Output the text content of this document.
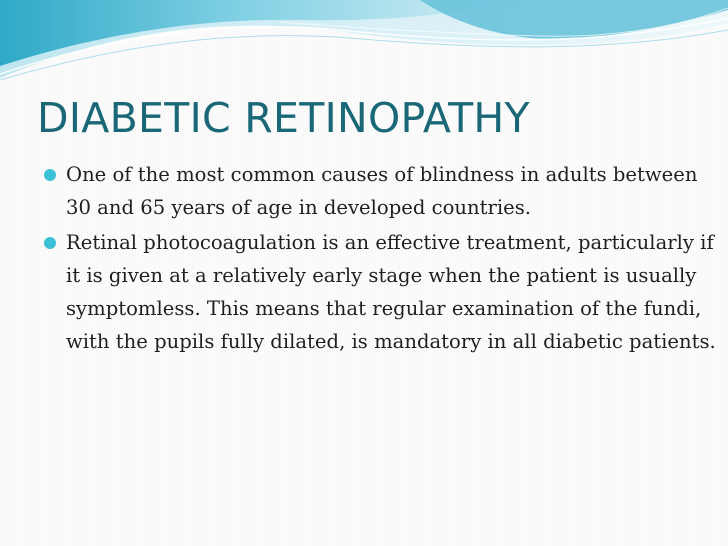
DIABETIC RETINOPATHY
One of the most common causes of blindness in adults between 30 and 65 years of age in developed countries.
Retinal photocoagulation is an effective treatment, particularly if it is given at a relatively early stage when the patient is usually symptomless. This means that regular examination of the fundi, with the pupils fully dilated, is mandatory in all diabetic patients.
